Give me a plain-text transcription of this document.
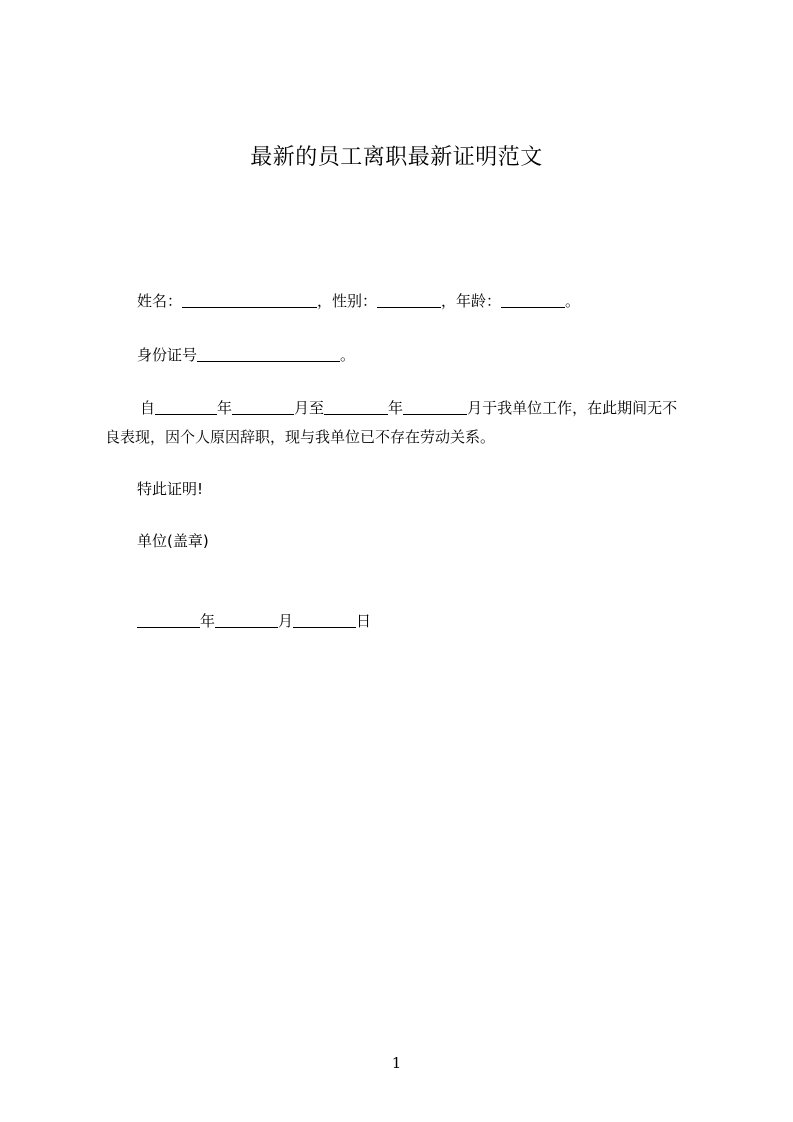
最新的员工离职最新证明范文
姓名：	，性别：	，年龄：	。
身份证号	。
自	年	月至	年	月于我单位工作，在此期间无不
良表现，因个人原因辞职，现与我单位已不存在劳动关系。
特此证明!
单位(盖章)
年	月	日
1
